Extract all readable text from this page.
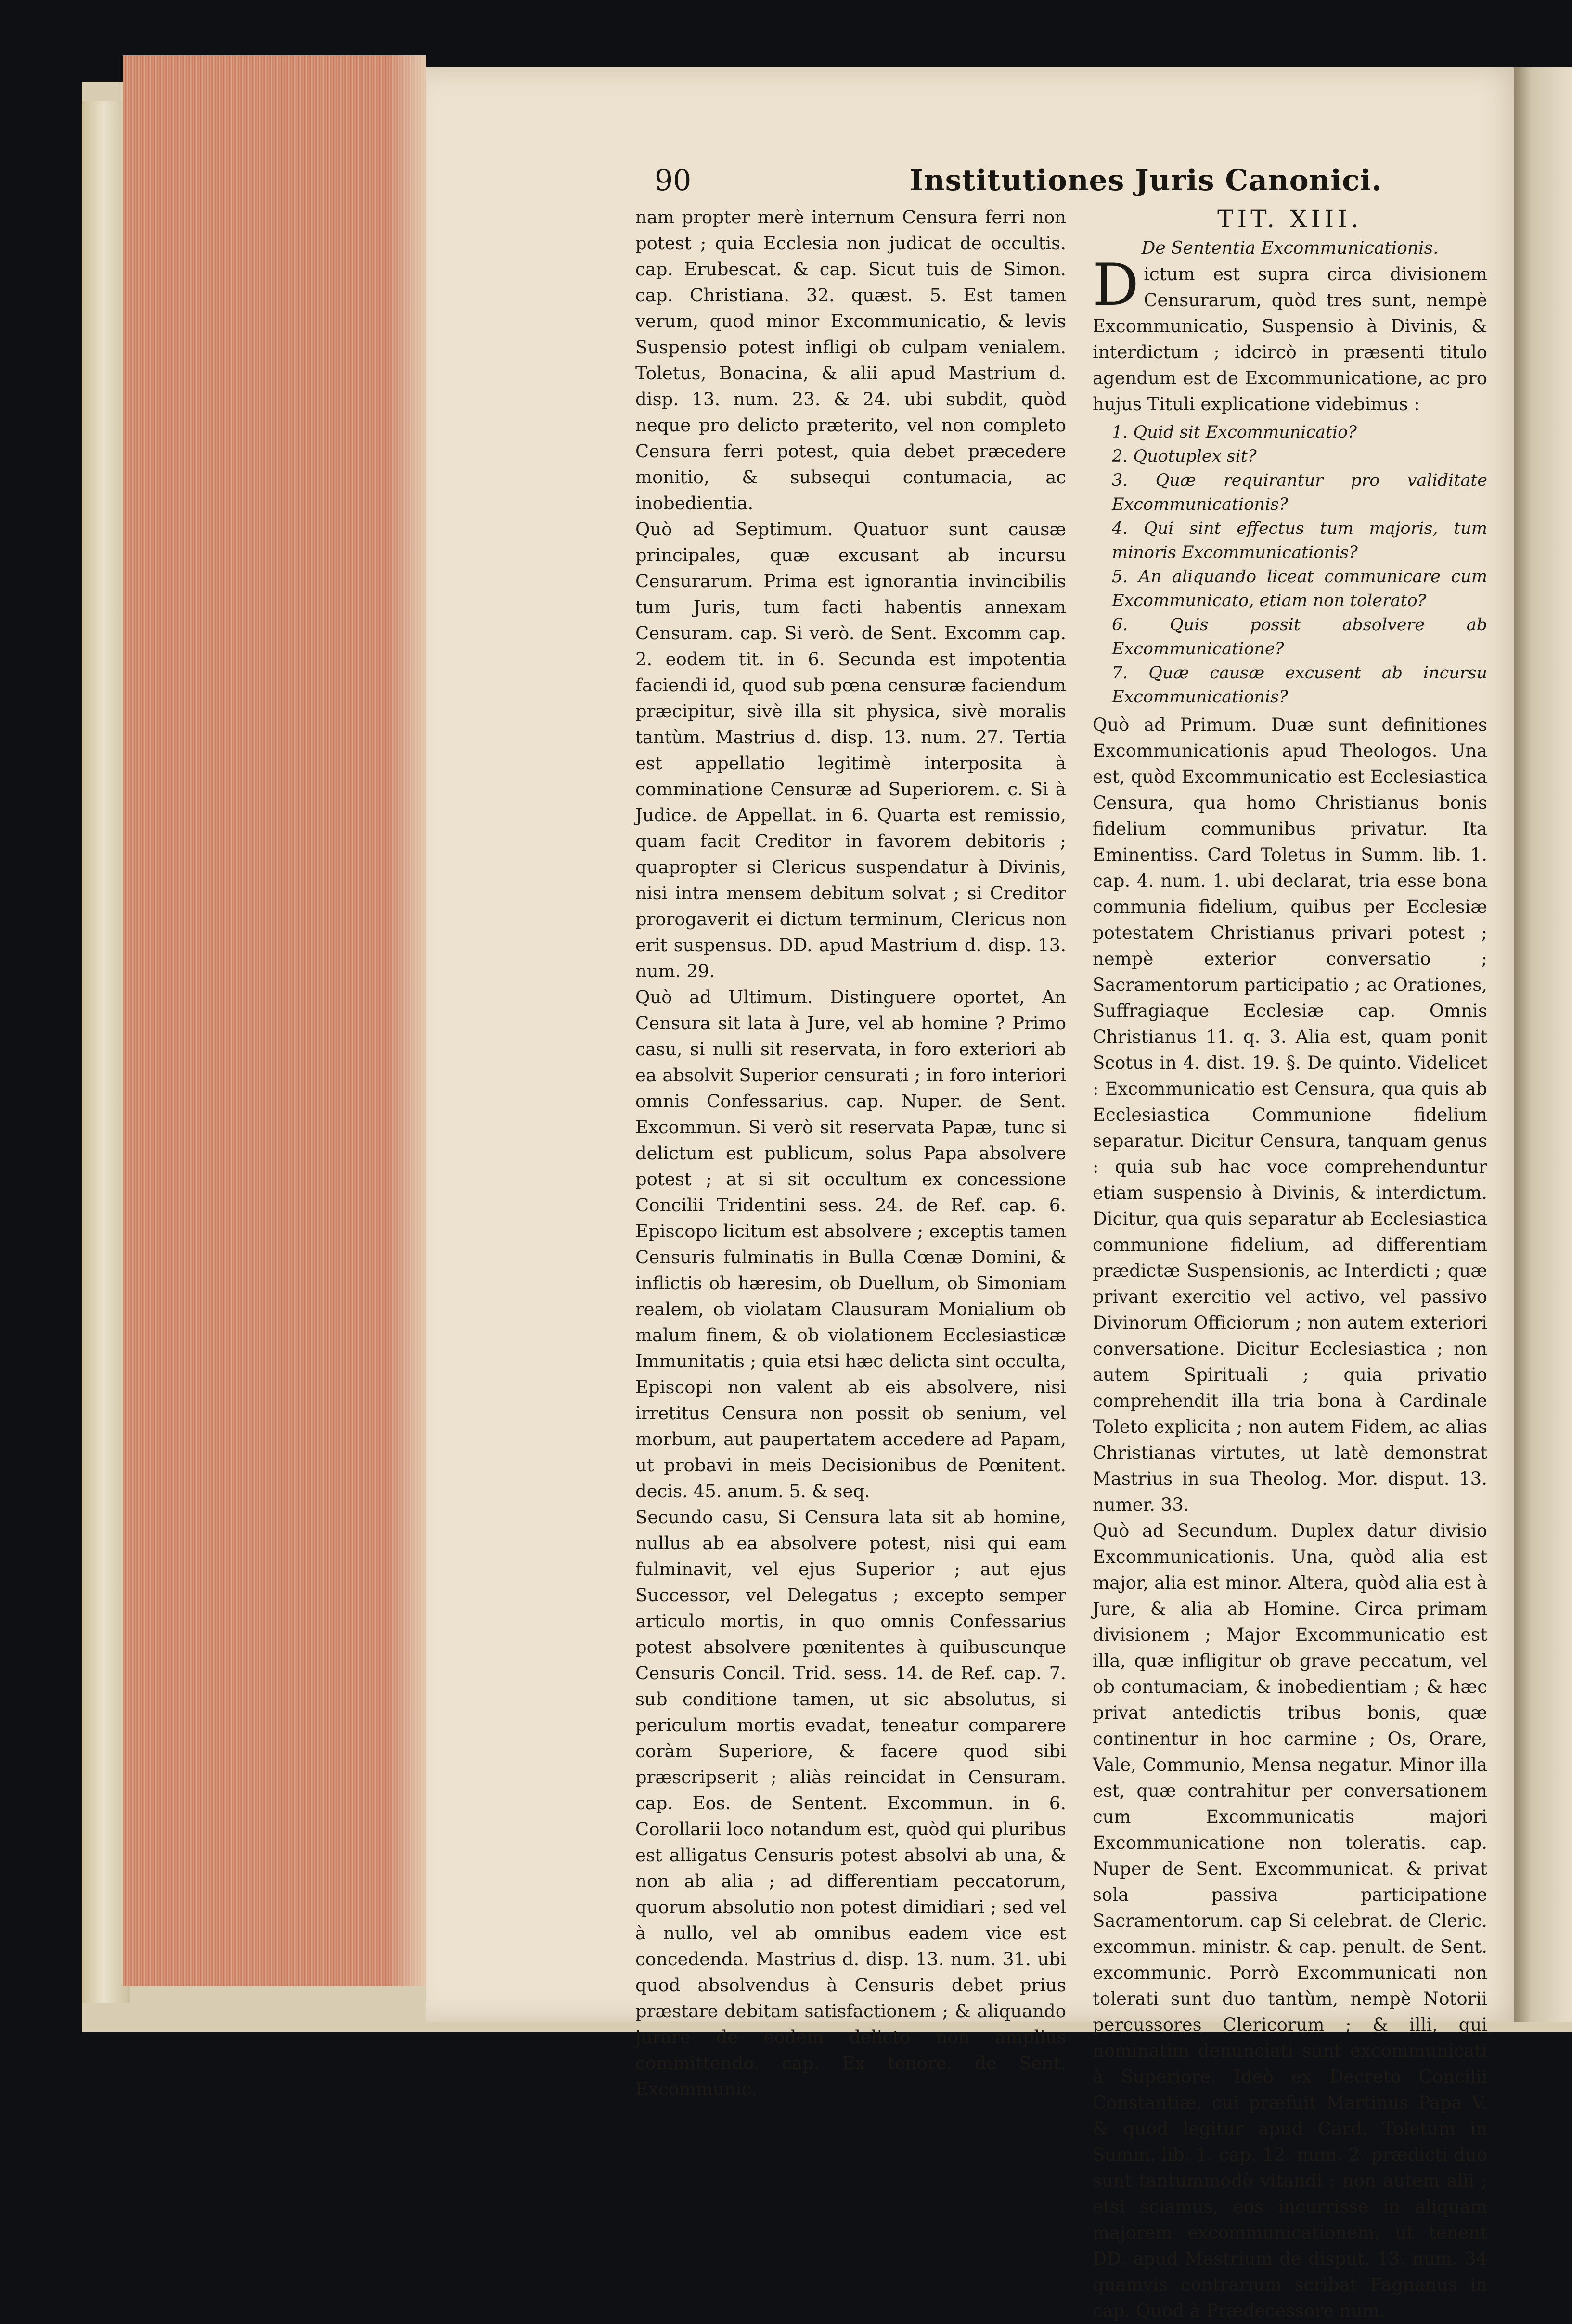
90	Institutiones Juris Canonici.

nam propter merè internum Censura ferri non potest ; quia Ecclesia non judicat de occultis. cap. Erubescat. & cap. Sicut tuis de Simon. cap. Christiana. 32. quæst. 5. Est tamen verum, quod minor Excommunicatio, & levis Suspensio potest infligi ob culpam venialem. Toletus, Bonacina, & alii apud Mastrium d. disp. 13. num. 23. & 24. ubi subdit, quòd neque pro delicto præterito, vel non completo Censura ferri potest, quia debet præcedere monitio, & subsequi contumacia, ac inobedientia.

Quò ad Septimum. Quatuor sunt causæ principales, quæ excusant ab incursu Censurarum. Prima est ignorantia invincibilis tum Juris, tum facti habentis annexam Censuram. cap. Si verò. de Sent. Excomm cap. 2. eodem tit. in 6. Secunda est impotentia faciendi id, quod sub pœna censuræ faciendum præcipitur, sivè illa sit physica, sivè moralis tantùm. Mastrius d. disp. 13. num. 27. Tertia est appellatio legitimè interposita à comminatione Censuræ ad Superiorem. c. Si à Judice. de Appellat. in 6. Quarta est remissio, quam facit Creditor in favorem debitoris ; quapropter si Clericus suspendatur à Divinis, nisi intra mensem debitum solvat ; si Creditor prorogaverit ei dictum terminum, Clericus non erit suspensus. DD. apud Mastrium d. disp. 13. num. 29.

Quò ad Ultimum. Distinguere oportet, An Censura sit lata à Jure, vel ab homine ? Primo casu, si nulli sit reservata, in foro exteriori ab ea absolvit Superior censurati ; in foro interiori omnis Confessarius. cap. Nuper. de Sent. Excommun. Si verò sit reservata Papæ, tunc si delictum est publicum, solus Papa absolvere potest ; at si sit occultum ex concessione Concilii Tridentini sess. 24. de Ref. cap. 6. Episcopo licitum est absolvere ; exceptis tamen Censuris fulminatis in Bulla Cœnæ Domini, & inflictis ob hæresim, ob Duellum, ob Simoniam realem, ob violatam Clausuram Monialium ob malum finem, & ob violationem Ecclesiasticæ Immunitatis ; quia etsi hæc delicta sint occulta, Episcopi non valent ab eis absolvere, nisi irretitus Censura non possit ob senium, vel morbum, aut paupertatem accedere ad Papam, ut probavi in meis Decisionibus de Pœnitent. decis. 45. anum. 5. & seq.

Secundo casu, Si Censura lata sit ab homine, nullus ab ea absolvere potest, nisi qui eam fulminavit, vel ejus Superior ; aut ejus Successor, vel Delegatus ; excepto semper articulo mortis, in quo omnis Confessarius potest absolvere pœnitentes à quibuscunque Censuris Concil. Trid. sess. 14. de Ref. cap. 7. sub conditione tamen, ut sic absolutus, si periculum mortis evadat, teneatur comparere coràm Superiore, & facere quod sibi præscripserit ; aliàs reincidat in Censuram. cap. Eos. de Sentent. Excommun. in 6. Corollarii loco notandum est, quòd qui pluribus est alligatus Censuris potest absolvi ab una, & non ab alia ; ad differentiam peccatorum, quorum absolutio non potest dimidiari ; sed vel à nullo, vel ab omnibus eadem vice est concedenda. Mastrius d. disp. 13. num. 31. ubi quod absolvendus à Censuris debet prius præstare debitam satisfactionem ; & aliquando jurare de eodem delicto non amplius committendo. cap. Ex tenore. de Sent. Excommunic.

TIT. XIII.
De Sententia Excommunicationis.

Dictum est supra circa divisionem Censurarum, quòd tres sunt, nempè Excommunicatio, Suspensio à Divinis, & interdictum ; idcircò in præsenti titulo agendum est de Excommunicatione, ac pro hujus Tituli explicatione videbimus :

1. Quid sit Excommunicatio?
2. Quotuplex sit?
3. Quæ requirantur pro validitate Excommunicationis?
4. Qui sint effectus tum majoris, tum minoris Excommunicationis?
5. An aliquando liceat communicare cum Excommunicato, etiam non tolerato?
6. Quis possit absolvere ab Excommunicatione?
7. Quæ causæ excusent ab incursu Excommunicationis?

Quò ad Primum. Duæ sunt definitiones Excommunicationis apud Theologos. Una est, quòd Excommunicatio est Ecclesiastica Censura, qua homo Christianus bonis fidelium communibus privatur. Ita Eminentiss. Card Toletus in Summ. lib. 1. cap. 4. num. 1. ubi declarat, tria esse bona communia fidelium, quibus per Ecclesiæ potestatem Christianus privari potest ; nempè exterior conversatio ; Sacramentorum participatio ; ac Orationes, Suffragiaque Ecclesiæ cap. Omnis Christianus 11. q. 3. Alia est, quam ponit Scotus in 4. dist. 19. §. De quinto. Videlicet : Excommunicatio est Censura, qua quis ab Ecclesiastica Communione fidelium separatur. Dicitur Censura, tanquam genus : quia sub hac voce comprehenduntur etiam suspensio à Divinis, & interdictum. Dicitur, qua quis separatur ab Ecclesiastica communione fidelium, ad differentiam prædictæ Suspensionis, ac Interdicti ; quæ privant exercitio vel activo, vel passivo Divinorum Officiorum ; non autem exteriori conversatione. Dicitur Ecclesiastica ; non autem Spirituali ; quia privatio comprehendit illa tria bona à Cardinale Toleto explicita ; non autem Fidem, ac alias Christianas virtutes, ut latè demonstrat Mastrius in sua Theolog. Mor. disput. 13. numer. 33.

Quò ad Secundum. Duplex datur divisio Excommunicationis. Una, quòd alia est major, alia est minor. Altera, quòd alia est à Jure, & alia ab Homine. Circa primam divisionem ; Major Excommunicatio est illa, quæ infligitur ob grave peccatum, vel ob contumaciam, & inobedientiam ; & hæc privat antedictis tribus bonis, quæ continentur in hoc carmine ; Os, Orare, Vale, Communio, Mensa negatur. Minor illa est, quæ contrahitur per conversationem cum Excommunicatis majori Excommunicatione non toleratis. cap. Nuper de Sent. Excommunicat. & privat sola passiva participatione Sacramentorum. cap Si celebrat. de Cleric. excommun. ministr. & cap. penult. de Sent. excommunic. Porrò Excommunicati non tolerati sunt duo tantùm, nempè Notorii percussores Clericorum ; & illi, qui nominatim denunciati sunt excommunicati à Superiore. Ideò ex Decreto Concilii Constantiæ, cui præfuit Martinus Papa V. & quod legitur apud Card. Toletum in Summ. lib. 1. cap. 12. num. 2. prædicti duo sunt tantummodò vitandi ; non autem alii ; etsi sciamus, eos incurrisse in aliquam majorem excommunicationem, ut tenent DD. apud Mastrium de disput. 13. num. 34 quamvis contrarium scribat Fagnanus in cap. Quod à Prædecessore num.
